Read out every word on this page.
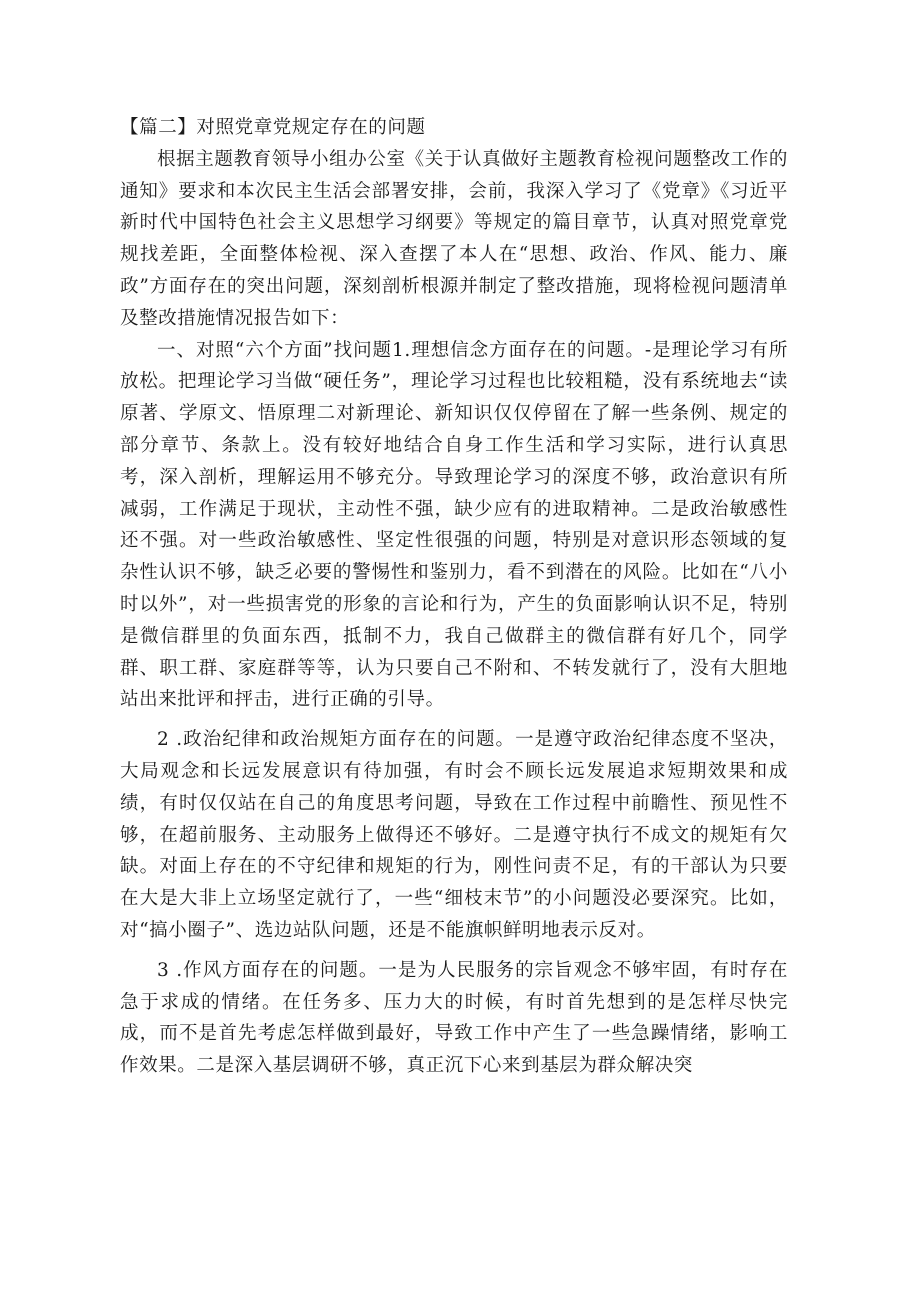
【篇二】对照党章党规定存在的问题

根据主题教育领导小组办公室《关于认真做好主题教育检视问题整改工作的通知》要求和本次民主生活会部署安排，会前，我深入学习了《党章》《习近平新时代中国特色社会主义思想学习纲要》等规定的篇目章节，认真对照党章党规找差距，全面整体检视、深入查摆了本人在“思想、政治、作风、能力、廉政”方面存在的突出问题，深刻剖析根源并制定了整改措施，现将检视问题清单及整改措施情况报告如下：

一、对照“六个方面”找问题1.理想信念方面存在的问题。-是理论学习有所放松。把理论学习当做“硬任务”，理论学习过程也比较粗糙，没有系统地去“读原著、学原文、悟原理二对新理论、新知识仅仅停留在了解一些条例、规定的部分章节、条款上。没有较好地结合自身工作生活和学习实际，进行认真思考，深入剖析，理解运用不够充分。导致理论学习的深度不够，政治意识有所减弱，工作满足于现状，主动性不强，缺少应有的进取精神。二是政治敏感性还不强。对一些政治敏感性、坚定性很强的问题，特别是对意识形态领域的复杂性认识不够，缺乏必要的警惕性和鉴别力，看不到潜在的风险。比如在“八小时以外”，对一些损害党的形象的言论和行为，产生的负面影响认识不足，特别是微信群里的负面东西，抵制不力，我自己做群主的微信群有好几个，同学群、职工群、家庭群等等，认为只要自己不附和、不转发就行了，没有大胆地站出来批评和抨击，进行正确的引导。

2 .政治纪律和政治规矩方面存在的问题。一是遵守政治纪律态度不坚决，大局观念和长远发展意识有待加强，有时会不顾长远发展追求短期效果和成绩，有时仅仅站在自己的角度思考问题，导致在工作过程中前瞻性、预见性不够，在超前服务、主动服务上做得还不够好。二是遵守执行不成文的规矩有欠缺。对面上存在的不守纪律和规矩的行为，刚性问责不足，有的干部认为只要在大是大非上立场坚定就行了，一些“细枝末节”的小问题没必要深究。比如，对“搞小圈子”、选边站队问题，还是不能旗帜鲜明地表示反对。

3 .作风方面存在的问题。一是为人民服务的宗旨观念不够牢固，有时存在急于求成的情绪。在任务多、压力大的时候，有时首先想到的是怎样尽快完成，而不是首先考虑怎样做到最好，导致工作中产生了一些急躁情绪，影响工作效果。二是深入基层调研不够，真正沉下心来到基层为群众解决突
